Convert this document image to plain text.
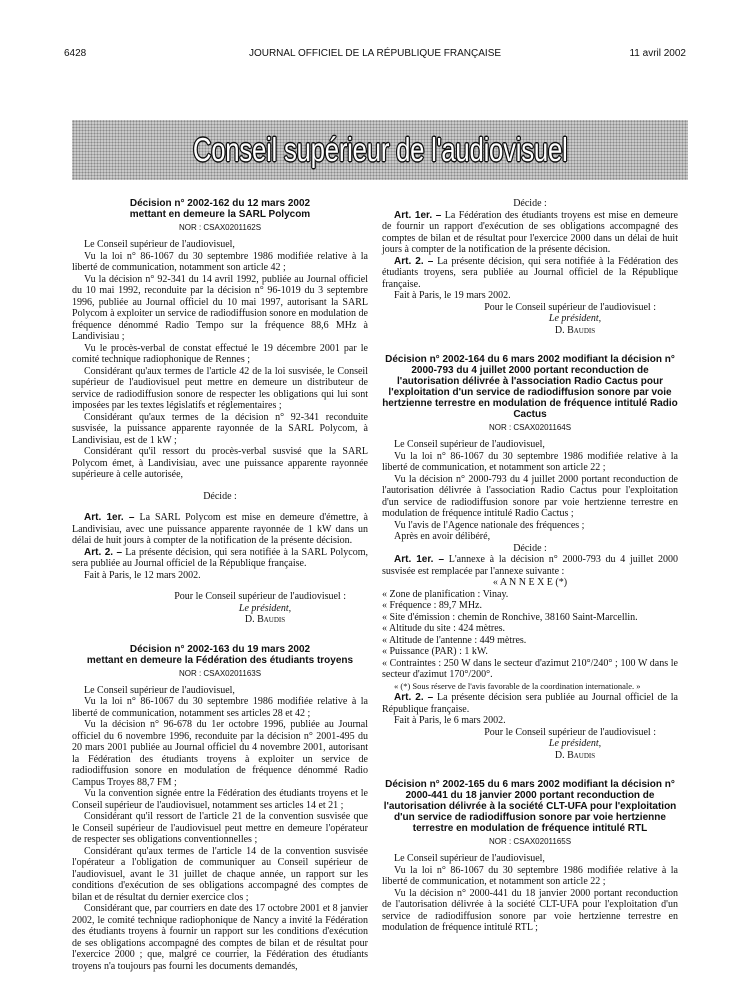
6428	JOURNAL OFFICIEL DE LA RÉPUBLIQUE FRANÇAISE	11 avril 2002
Conseil supérieur de l'audiovisuel
Décision n° 2002-162 du 12 mars 2002
mettant en demeure la SARL Polycom
NOR : CSAX0201162S

Le Conseil supérieur de l'audiovisuel,

Vu la loi n° 86-1067 du 30 septembre 1986 modifiée relative à la liberté de communication, notamment son article 42 ;

Vu la décision n° 92-341 du 14 avril 1992, publiée au Journal officiel du 10 mai 1992, reconduite par la décision n° 96-1019 du 3 septembre 1996, publiée au Journal officiel du 10 mai 1997, autorisant la SARL Polycom à exploiter un service de radiodiffusion sonore en modulation de fréquence dénommé Radio Tempo sur la fréquence 88,6 MHz à Landivisiau ;

Vu le procès-verbal de constat effectué le 19 décembre 2001 par le comité technique radiophonique de Rennes ;

Considérant qu'aux termes de l'article 42 de la loi susvisée, le Conseil supérieur de l'audiovisuel peut mettre en demeure un distributeur de service de radiodiffusion sonore de respecter les obligations qui lui sont imposées par les textes législatifs et réglementaires ;

Considérant qu'aux termes de la décision n° 92-341 reconduite susvisée, la puissance apparente rayonnée de la SARL Polycom, à Landivisiau, est de 1 kW ;

Considérant qu'il ressort du procès-verbal susvisé que la SARL Polycom émet, à Landivisiau, avec une puissance apparente rayonnée supérieure à celle autorisée,

Décide :

Art. 1er. – La SARL Polycom est mise en demeure d'émettre, à Landivisiau, avec une puissance apparente rayonnée de 1 kW dans un délai de huit jours à compter de la notification de la présente décision.

Art. 2. – La présente décision, qui sera notifiée à la SARL Polycom, sera publiée au Journal officiel de la République française.

Fait à Paris, le 12 mars 2002.

Pour le Conseil supérieur de l'audiovisuel :
Le président,
D. Baudis
Décision n° 2002-163 du 19 mars 2002
mettant en demeure la Fédération des étudiants troyens
NOR : CSAX0201163S

Le Conseil supérieur de l'audiovisuel,

Vu la loi n° 86-1067 du 30 septembre 1986 modifiée relative à la liberté de communication, notamment ses articles 28 et 42 ;

Vu la décision n° 96-678 du 1er octobre 1996, publiée au Journal officiel du 6 novembre 1996, reconduite par la décision n° 2001-495 du 20 mars 2001 publiée au Journal officiel du 4 novembre 2001, autorisant la Fédération des étudiants troyens à exploiter un service de radiodiffusion sonore en modulation de fréquence dénommé Radio Campus Troyes 88,7 FM ;

Vu la convention signée entre la Fédération des étudiants troyens et le Conseil supérieur de l'audiovisuel, notamment ses articles 14 et 21 ;

Considérant qu'il ressort de l'article 21 de la convention susvisée que le Conseil supérieur de l'audiovisuel peut mettre en demeure l'opérateur de respecter ses obligations conventionnelles ;

Considérant qu'aux termes de l'article 14 de la convention susvisée l'opérateur a l'obligation de communiquer au Conseil supérieur de l'audiovisuel, avant le 31 juillet de chaque année, un rapport sur les conditions d'exécution de ses obligations accompagné des comptes de bilan et de résultat du dernier exercice clos ;

Considérant que, par courriers en date des 17 octobre 2001 et 8 janvier 2002, le comité technique radiophonique de Nancy a invité la Fédération des étudiants troyens à fournir un rapport sur les conditions d'exécution de ses obligations accompagné des comptes de bilan et de résultat pour l'exercice 2000 ; que, malgré ce courrier, la Fédération des étudiants troyens n'a toujours pas fourni les documents demandés,

Décide :

Art. 1er. – La Fédération des étudiants troyens est mise en demeure de fournir un rapport d'exécution de ses obligations accompagné des comptes de bilan et de résultat pour l'exercice 2000 dans un délai de huit jours à compter de la notification de la présente décision.

Art. 2. – La présente décision, qui sera notifiée à la Fédération des étudiants troyens, sera publiée au Journal officiel de la République française.

Fait à Paris, le 19 mars 2002.

Pour le Conseil supérieur de l'audiovisuel :
Le président,
D. Baudis
Décision n° 2002-164 du 6 mars 2002 modifiant la décision n° 2000-793 du 4 juillet 2000 portant reconduction de l'autorisation délivrée à l'association Radio Cactus pour l'exploitation d'un service de radiodiffusion sonore par voie hertzienne terrestre en modulation de fréquence intitulé Radio Cactus
NOR : CSAX0201164S

Le Conseil supérieur de l'audiovisuel,

Vu la loi n° 86-1067 du 30 septembre 1986 modifiée relative à la liberté de communication, et notamment son article 22 ;

Vu la décision n° 2000-793 du 4 juillet 2000 portant reconduction de l'autorisation délivrée à l'association Radio Cactus pour l'exploitation d'un service de radiodiffusion sonore par voie hertzienne terrestre en modulation de fréquence intitulé Radio Cactus ;

Vu l'avis de l'Agence nationale des fréquences ;

Après en avoir délibéré,

Décide :

Art. 1er. – L'annexe à la décision n° 2000-793 du 4 juillet 2000 susvisée est remplacée par l'annexe suivante :

« A N N E X E (*)

« Zone de planification : Vinay.

« Fréquence : 89,7 MHz.

« Site d'émission : chemin de Ronchive, 38160 Saint-Marcellin.

« Altitude du site : 424 mètres.

« Altitude de l'antenne : 449 mètres.

« Puissance (PAR) : 1 kW.

« Contraintes : 250 W dans le secteur d'azimut 210°/240° ; 100 W dans le secteur d'azimut 170°/200°.

« (*) Sous réserve de l'avis favorable de la coordination internationale. »

Art. 2. – La présente décision sera publiée au Journal officiel de la République française.

Fait à Paris, le 6 mars 2002.

Pour le Conseil supérieur de l'audiovisuel :
Le président,
D. Baudis
Décision n° 2002-165 du 6 mars 2002 modifiant la décision n° 2000-441 du 18 janvier 2000 portant reconduction de l'autorisation délivrée à la société CLT-UFA pour l'exploitation d'un service de radiodiffusion sonore par voie hertzienne terrestre en modulation de fréquence intitulé RTL
NOR : CSAX0201165S

Le Conseil supérieur de l'audiovisuel,

Vu la loi n° 86-1067 du 30 septembre 1986 modifiée relative à la liberté de communication, et notamment son article 22 ;

Vu la décision n° 2000-441 du 18 janvier 2000 portant reconduction de l'autorisation délivrée à la société CLT-UFA pour l'exploitation d'un service de radiodiffusion sonore par voie hertzienne terrestre en modulation de fréquence intitulé RTL ;
